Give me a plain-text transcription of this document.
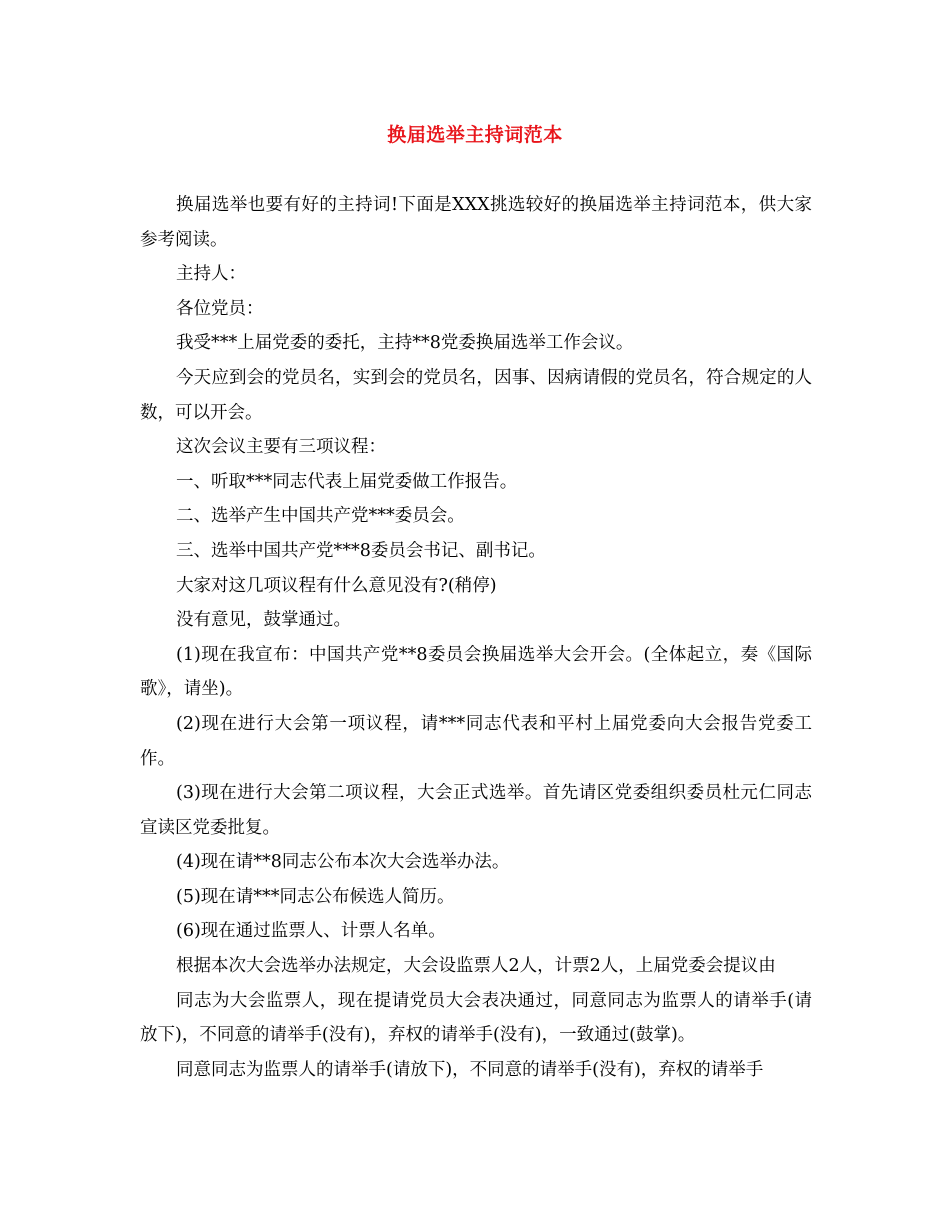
换届选举主持词范本

换届选举也要有好的主持词!下面是XXX挑选较好的换届选举主持词范本，供大家参考阅读。

主持人：

各位党员：

我受***上届党委的委托，主持**8党委换届选举工作会议。

今天应到会的党员名，实到会的党员名，因事、因病请假的党员名，符合规定的人数，可以开会。

这次会议主要有三项议程：

一、听取***同志代表上届党委做工作报告。

二、选举产生中国共产党***委员会。

三、选举中国共产党***8委员会书记、副书记。

大家对这几项议程有什么意见没有?(稍停)

没有意见，鼓掌通过。

(1)现在我宣布：中国共产党**8委员会换届选举大会开会。(全体起立，奏《国际歌》，请坐)。

(2)现在进行大会第一项议程，请***同志代表和平村上届党委向大会报告党委工作。

(3)现在进行大会第二项议程，大会正式选举。首先请区党委组织委员杜元仁同志宣读区党委批复。

(4)现在请**8同志公布本次大会选举办法。

(5)现在请***同志公布候选人简历。

(6)现在通过监票人、计票人名单。

根据本次大会选举办法规定，大会设监票人2人，计票2人，上届党委会提议由

同志为大会监票人，现在提请党员大会表决通过，同意同志为监票人的请举手(请放下)，不同意的请举手(没有)，弃权的请举手(没有)，一致通过(鼓掌)。

同意同志为监票人的请举手(请放下)，不同意的请举手(没有)，弃权的请举手
